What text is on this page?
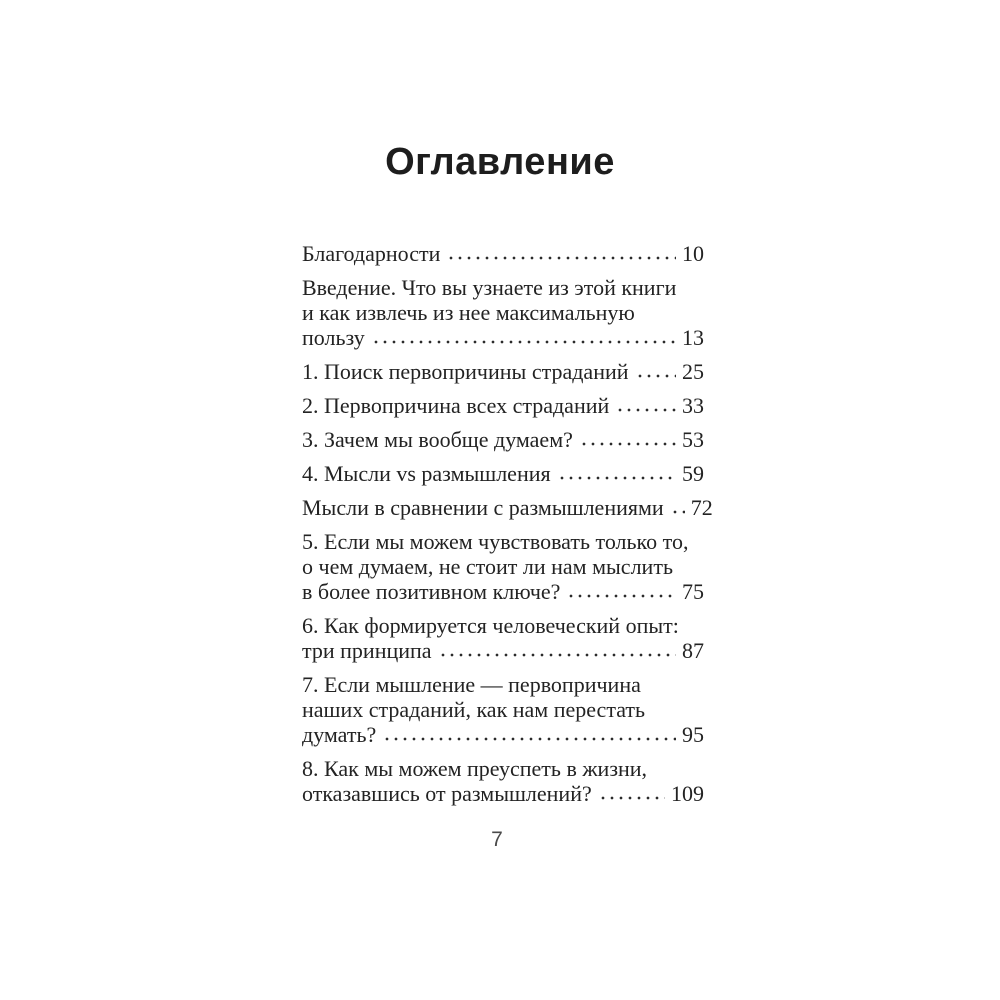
Оглавление
Благодарности	10
Введение. Что вы узнаете из этой книги
и как извлечь из нее максимальную
пользу	13
1. Поиск первопричины страданий 25
2. Первопричина всех страданий	33
3. Зачем мы вообще думаем?	53
4. Мысли vs размышления	59
Мысли в сравнении с размышлениями 72
5. Если мы можем чувствовать только то,
о чем думаем, не стоит ли нам мыслить
в более позитивном ключе?	75
6. Как формируется человеческий опыт:
три принципа	87
7. Если мышление — первопричина
наших страданий, как нам перестать
думать?	95
8. Как мы можем преуспеть в жизни,
отказавшись от размышлений?	109
7
